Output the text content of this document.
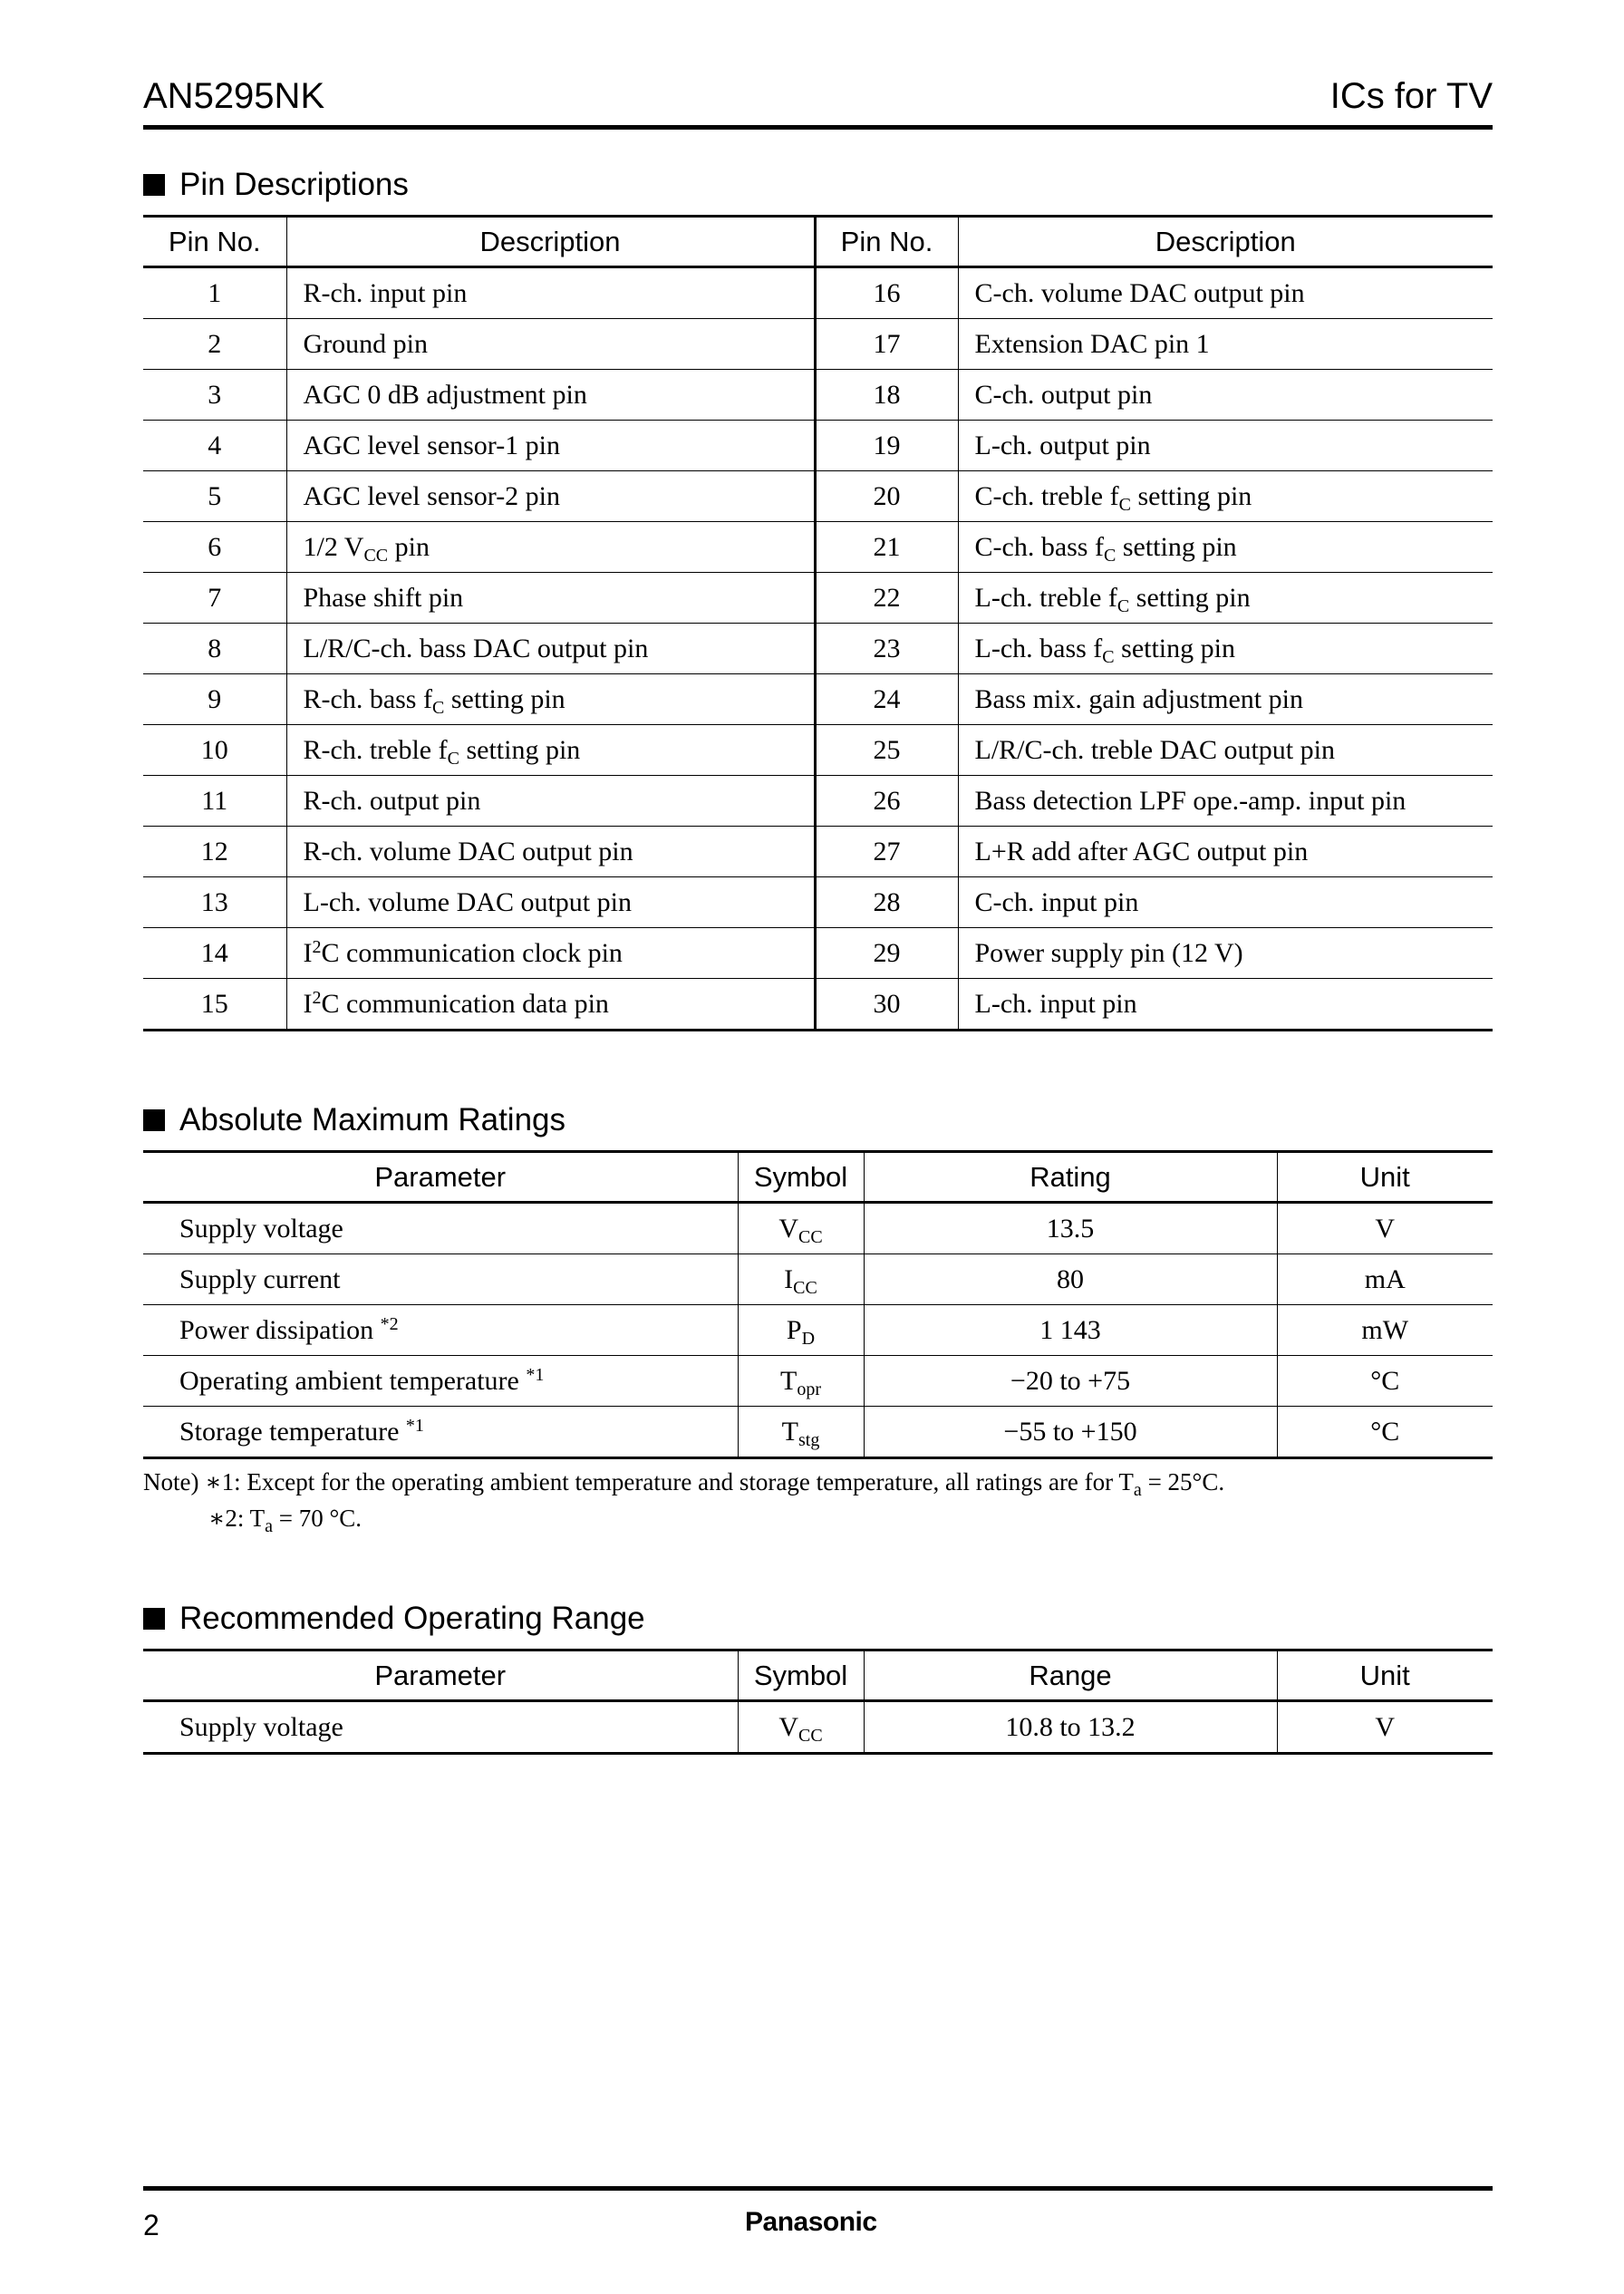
AN5295NK	ICs for TV
Pin Descriptions
Pin No.	Description	Pin No.	Description
1	R-ch. input pin	16	C-ch. volume DAC output pin
2	Ground pin	17	Extension DAC pin 1
3	AGC 0 dB adjustment pin	18	C-ch. output pin
4	AGC level sensor-1 pin	19	L-ch. output pin
5	AGC level sensor-2 pin	20	C-ch. treble $f_C$ setting pin
6	1/2 $V_{CC}$ pin	21	C-ch. bass $f_C$ setting pin
7	Phase shift pin	22	L-ch. treble $f_C$ setting pin
8	L/R/C-ch. bass DAC output pin	23	L-ch. bass $f_C$ setting pin
9	R-ch. bass $f_C$ setting pin	24	Bass mix. gain adjustment pin
10	R-ch. treble $f_C$ setting pin	25	L/R/C-ch. treble DAC output pin
11	R-ch. output pin	26	Bass detection LPF ope.-amp. input pin
12	R-ch. volume DAC output pin	27	L+R add after AGC output pin
13	L-ch. volume DAC output pin	28	C-ch. input pin
14	$I^2C$ communication clock pin	29	Power supply pin (12 V)
15	$I^2C$ communication data pin	30	L-ch. input pin
Absolute Maximum Ratings
Parameter	Symbol	Rating	Unit
Supply voltage	$V_{CC}$	13.5	V
Supply current	$I_{CC}$	80	mA
Power dissipation $^{*2}$	$P_D$	1 143	mW
Operating ambient temperature $^{*1}$	$T_{opr}$	−20 to +75	°C
Storage temperature $^{*1}$	$T_{stg}$	−55 to +150	°C
Note) ∗1: Except for the operating ambient temperature and storage temperature, all ratings are for $T_a = 25^\circ C$.
∗2: $T_a = 70$ °C.
Recommended Operating Range
Parameter	Symbol	Range	Unit
Supply voltage	$V_{CC}$	10.8 to 13.2	V
2	Panasonic
